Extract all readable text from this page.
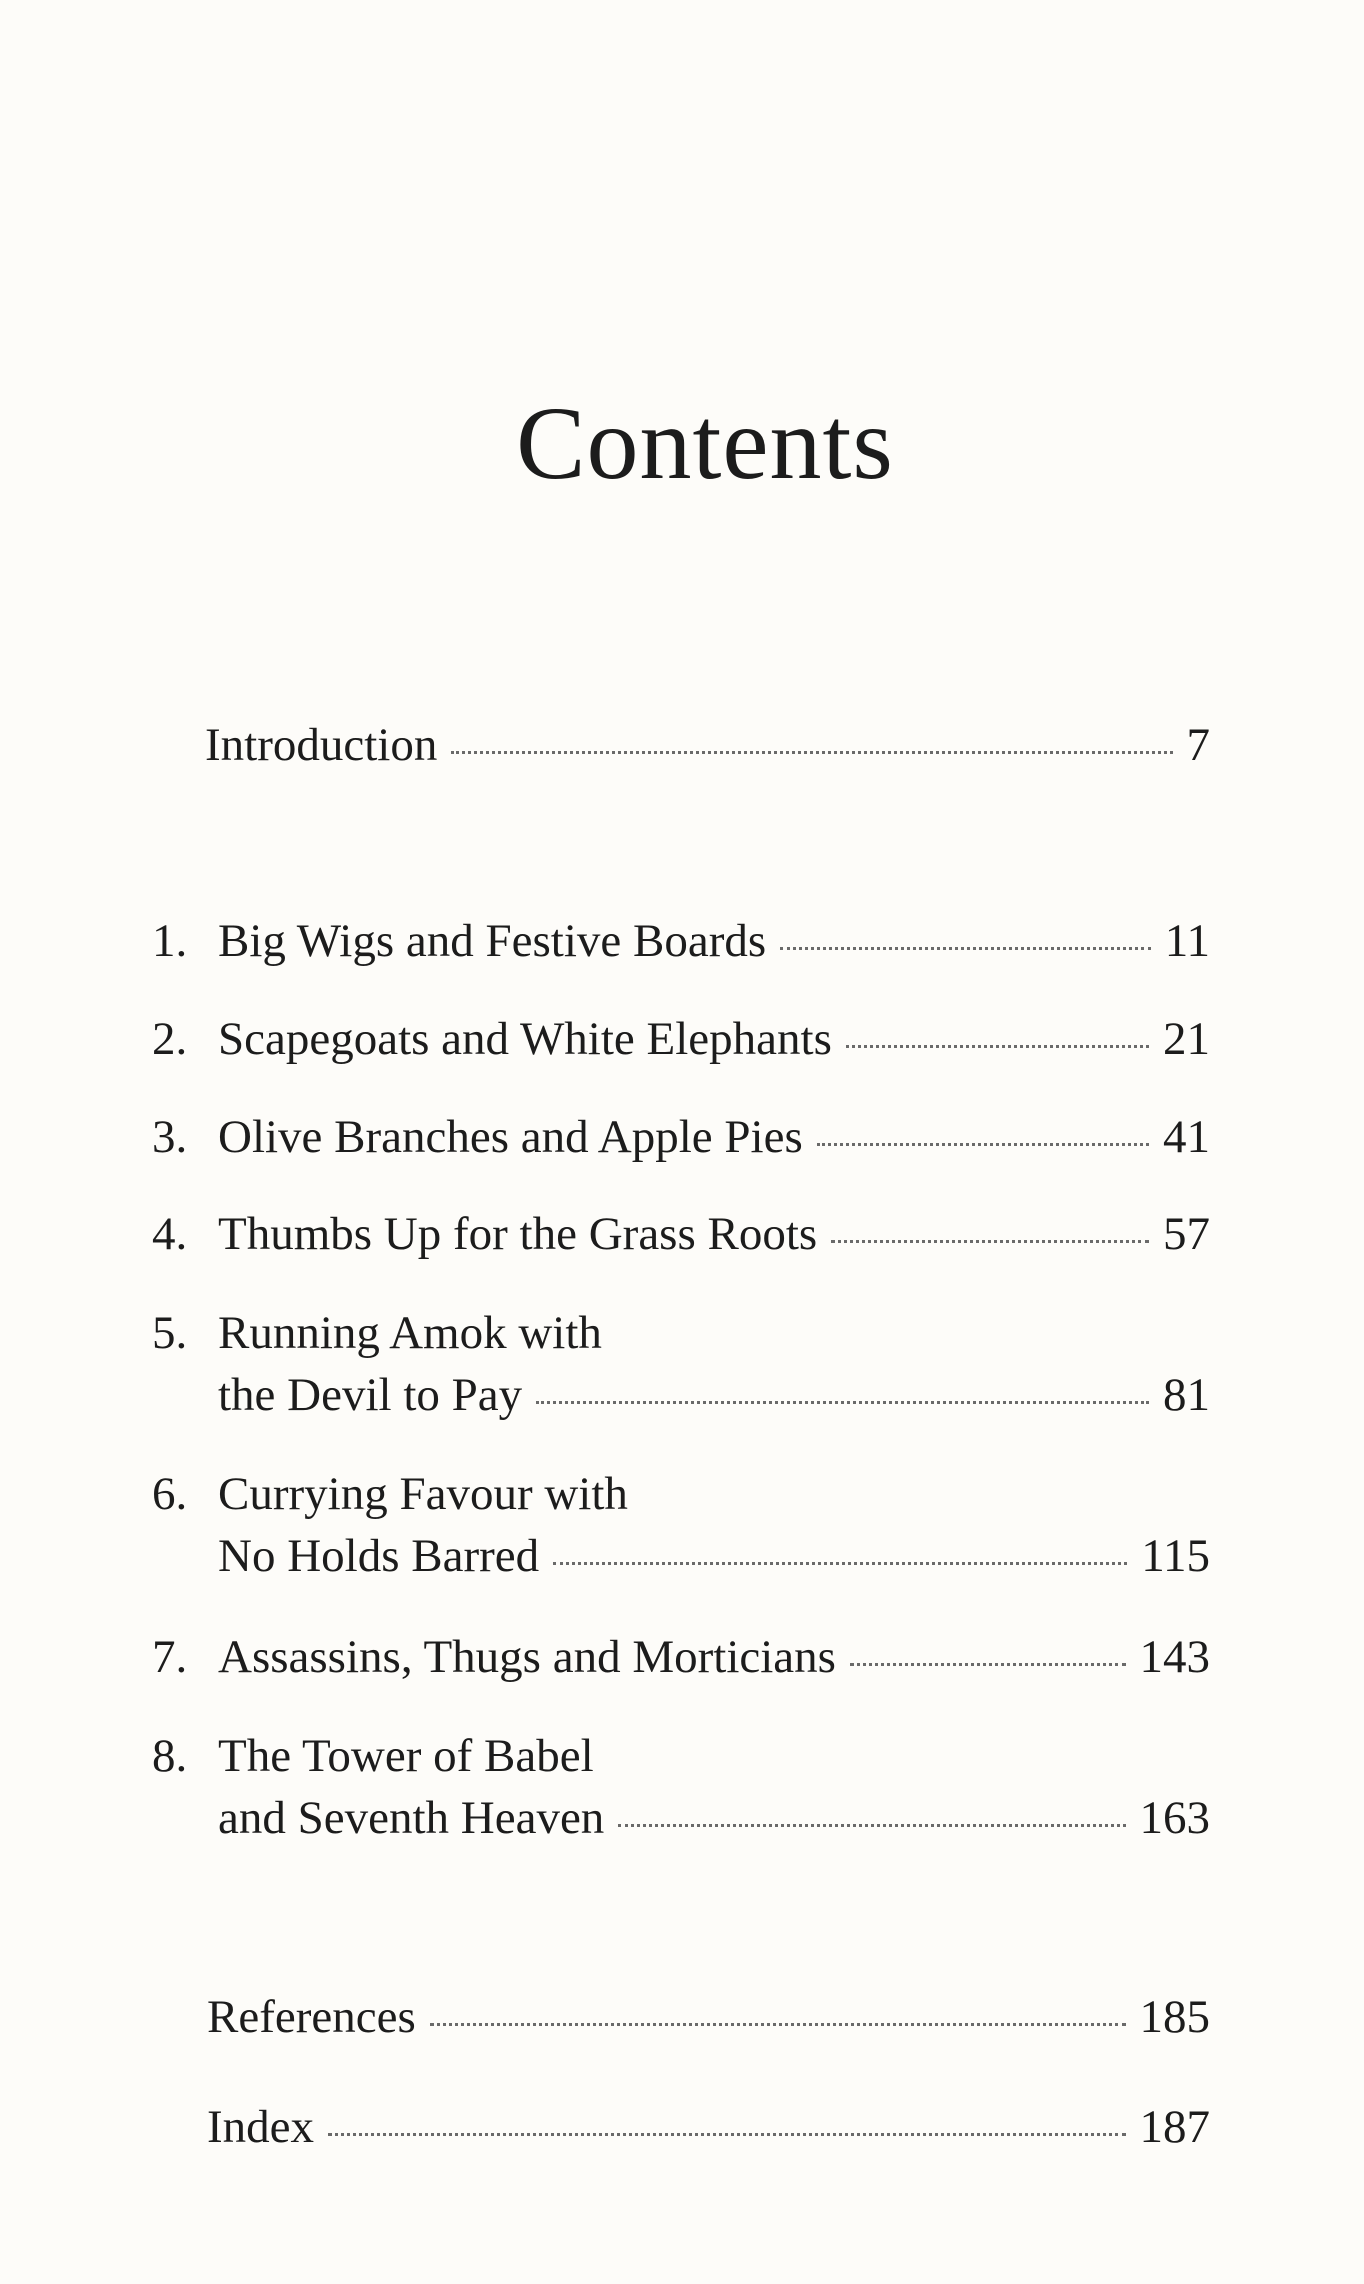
Contents
Introduction	7
1. Big Wigs and Festive Boards	11
2. Scapegoats and White Elephants	21
3. Olive Branches and Apple Pies	41
4. Thumbs Up for the Grass Roots	57
5. Running Amok with
the Devil to Pay	81
6. Currying Favour with
No Holds Barred	115
7. Assassins, Thugs and Morticians	143
8. The Tower of Babel
and Seventh Heaven	163
References	185
Index	187
